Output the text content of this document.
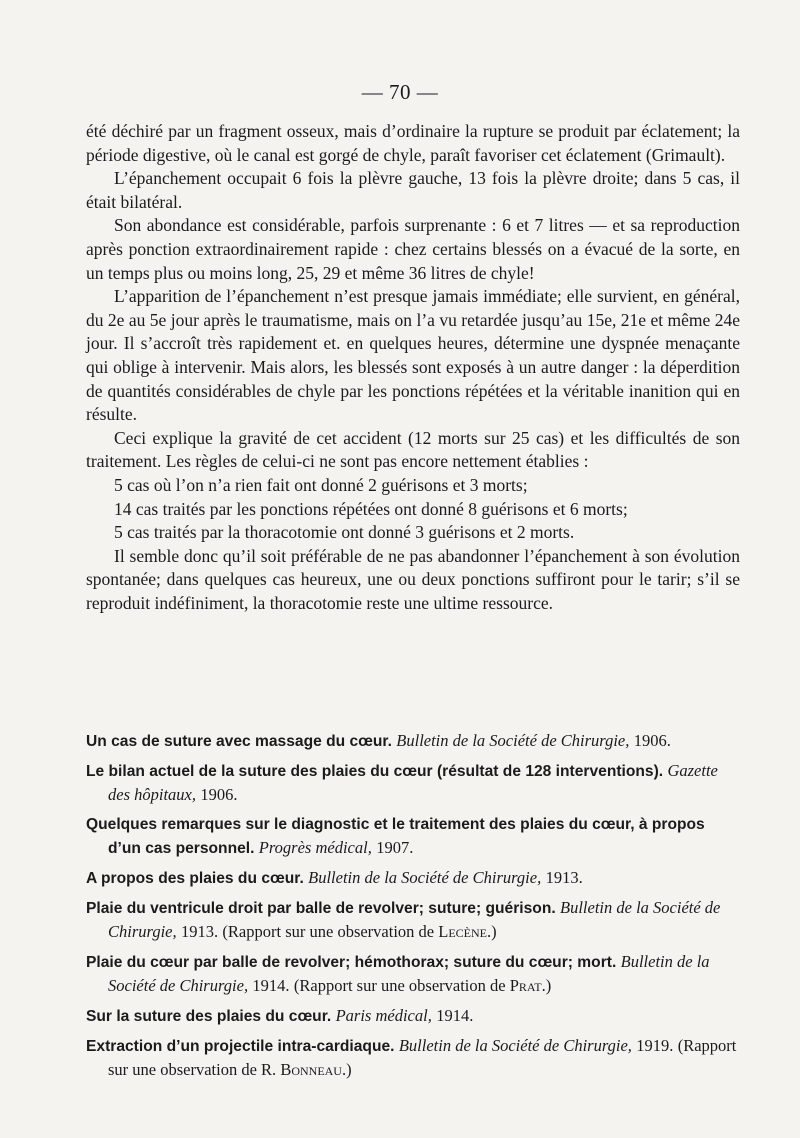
— 70 —

été déchiré par un fragment osseux, mais d’ordinaire la rupture se produit par éclatement; la période digestive, où le canal est gorgé de chyle, paraît favoriser cet éclatement (Grimault).

L’épanchement occupait 6 fois la plèvre gauche, 13 fois la plèvre droite; dans 5 cas, il était bilatéral.

Son abondance est considérable, parfois surprenante : 6 et 7 litres — et sa reproduction après ponction extraordinairement rapide : chez certains blessés on a évacué de la sorte, en un temps plus ou moins long, 25, 29 et même 36 litres de chyle!

L’apparition de l’épanchement n’est presque jamais immédiate; elle survient, en général, du 2e au 5e jour après le traumatisme, mais on l’a vu retardée jusqu’au 15e, 21e et même 24e jour. Il s’accroît très rapidement et. en quelques heures, détermine une dyspnée menaçante qui oblige à intervenir. Mais alors, les blessés sont exposés à un autre danger : la déperdition de quantités considérables de chyle par les ponctions répétées et la véritable inanition qui en résulte.

Ceci explique la gravité de cet accident (12 morts sur 25 cas) et les difficultés de son traitement. Les règles de celui-ci ne sont pas encore nettement établies :

5 cas où l’on n’a rien fait ont donné 2 guérisons et 3 morts;

14 cas traités par les ponctions répétées ont donné 8 guérisons et 6 morts;

5 cas traités par la thoracotomie ont donné 3 guérisons et 2 morts.

Il semble donc qu’il soit préférable de ne pas abandonner l’épanchement à son évolution spontanée; dans quelques cas heureux, une ou deux ponctions suffiront pour le tarir; s’il se reproduit indéfiniment, la thoracotomie reste une ultime ressource.

Un cas de suture avec massage du cœur. Bulletin de la Société de Chirurgie, 1906.
Le bilan actuel de la suture des plaies du cœur (résultat de 128 interventions). Gazette des hôpitaux, 1906.
Quelques remarques sur le diagnostic et le traitement des plaies du cœur, à propos d’un cas personnel. Progrès médical, 1907.
A propos des plaies du cœur. Bulletin de la Société de Chirurgie, 1913.
Plaie du ventricule droit par balle de revolver; suture; guérison. Bulletin de la Société de Chirurgie, 1913. (Rapport sur une observation de Lecène.)
Plaie du cœur par balle de revolver; hémothorax; suture du cœur; mort. Bulletin de la Société de Chirurgie, 1914. (Rapport sur une observation de Prat.)
Sur la suture des plaies du cœur. Paris médical, 1914.
Extraction d’un projectile intra-cardiaque. Bulletin de la Société de Chirurgie, 1919. (Rapport sur une observation de R. Bonneau.)
